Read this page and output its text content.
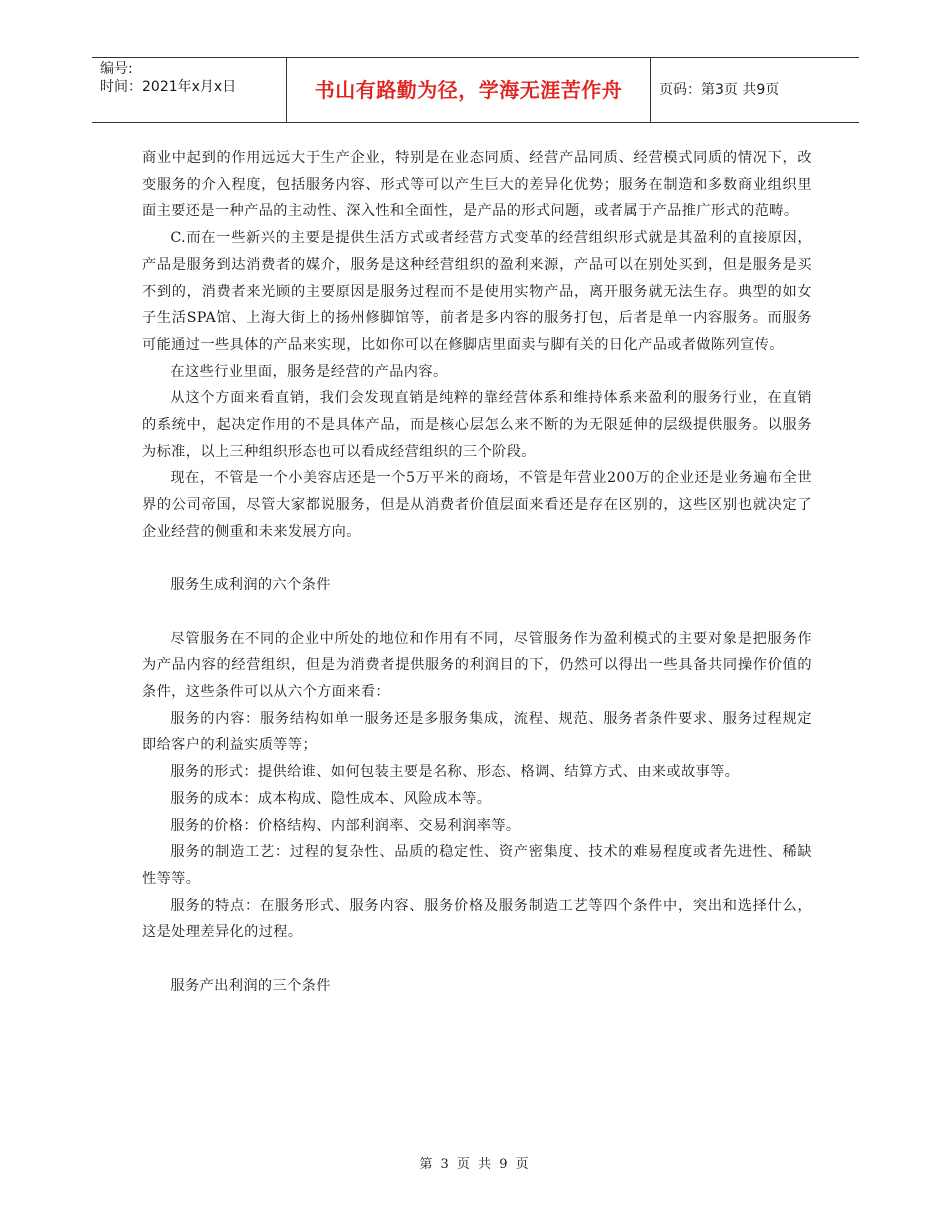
编号:
时间：2021年x月x日	书山有路勤为径，学海无涯苦作舟	页码：第3页 共9页

商业中起到的作用远远大于生产企业，特别是在业态同质、经营产品同质、经营模式同质的情况下，改变服务的介入程度，包括服务内容、形式等可以产生巨大的差异化优势；服务在制造和多数商业组织里面主要还是一种产品的主动性、深入性和全面性，是产品的形式问题，或者属于产品推广形式的范畴。

C.而在一些新兴的主要是提供生活方式或者经营方式变革的经营组织形式就是其盈利的直接原因，产品是服务到达消费者的媒介，服务是这种经营组织的盈利来源，产品可以在别处买到，但是服务是买不到的，消费者来光顾的主要原因是服务过程而不是使用实物产品，离开服务就无法生存。典型的如女子生活SPA馆、上海大街上的扬州修脚馆等，前者是多内容的服务打包，后者是单一内容服务。而服务可能通过一些具体的产品来实现，比如你可以在修脚店里面卖与脚有关的日化产品或者做陈列宣传。

在这些行业里面，服务是经营的产品内容。

从这个方面来看直销，我们会发现直销是纯粹的靠经营体系和维持体系来盈利的服务行业，在直销的系统中，起决定作用的不是具体产品，而是核心层怎么来不断的为无限延伸的层级提供服务。以服务为标准，以上三种组织形态也可以看成经营组织的三个阶段。

现在，不管是一个小美容店还是一个5万平米的商场，不管是年营业200万的企业还是业务遍布全世界的公司帝国，尽管大家都说服务，但是从消费者价值层面来看还是存在区别的，这些区别也就决定了企业经营的侧重和未来发展方向。

服务生成利润的六个条件

尽管服务在不同的企业中所处的地位和作用有不同，尽管服务作为盈利模式的主要对象是把服务作为产品内容的经营组织，但是为消费者提供服务的利润目的下，仍然可以得出一些具备共同操作价值的条件，这些条件可以从六个方面来看：

服务的内容：服务结构如单一服务还是多服务集成，流程、规范、服务者条件要求、服务过程规定即给客户的利益实质等等；

服务的形式：提供给谁、如何包装主要是名称、形态、格调、结算方式、由来或故事等。

服务的成本：成本构成、隐性成本、风险成本等。

服务的价格：价格结构、内部利润率、交易利润率等。

服务的制造工艺：过程的复杂性、品质的稳定性、资产密集度、技术的难易程度或者先进性、稀缺性等等。

服务的特点：在服务形式、服务内容、服务价格及服务制造工艺等四个条件中，突出和选择什么，这是处理差异化的过程。

服务产出利润的三个条件

第 3 页 共 9 页
